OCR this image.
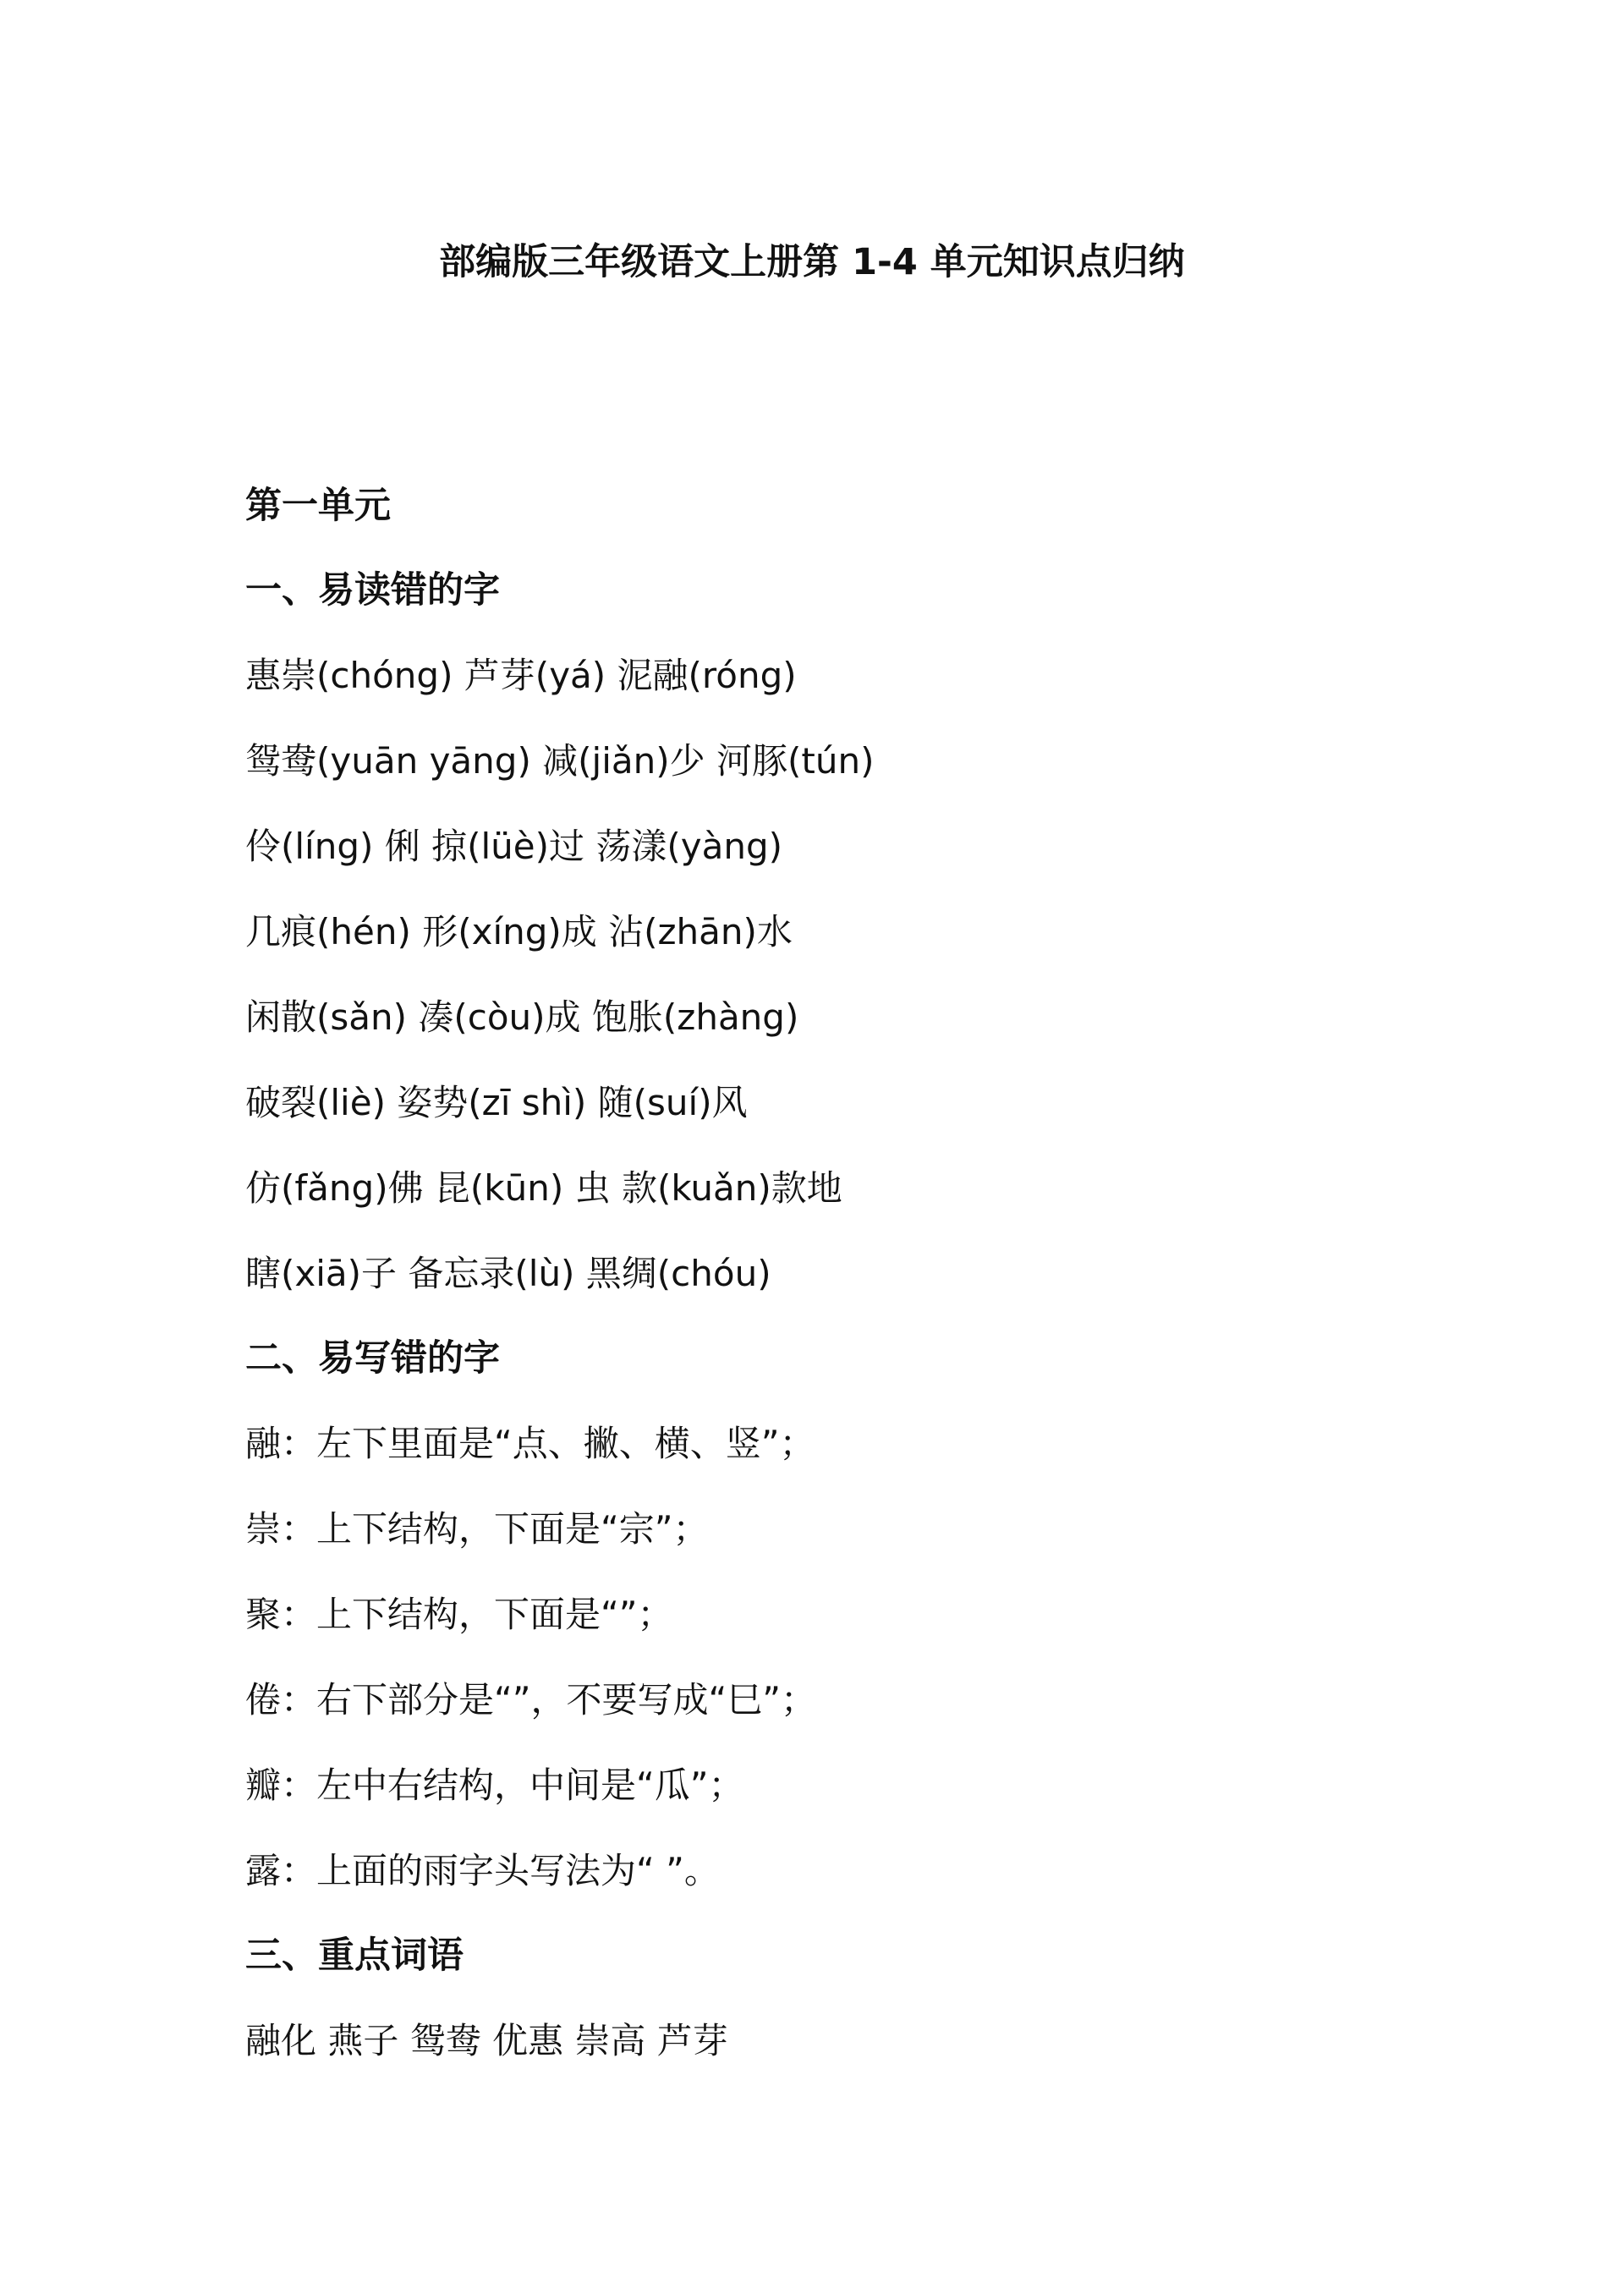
部编版三年级语文上册第 1-4 单元知识点归纳
第一单元
一、易读错的字
惠崇(chóng) 芦芽(yá) 泥融(róng)
鸳鸯(yuān yāng) 减(jiǎn)少 河豚(tún)
伶(líng) 俐 掠(lüè)过 荡漾(yàng)
几痕(hén) 形(xíng)成 沾(zhān)水
闲散(sǎn) 凑(còu)成 饱胀(zhàng)
破裂(liè) 姿势(zī shì) 随(suí)风
仿(fǎng)佛 昆(kūn) 虫 款(kuǎn)款地
瞎(xiā)子 备忘录(lù) 黑绸(chóu)
二、易写错的字
融：左下里面是“点、撇、横、竖”；
崇：上下结构，下面是“宗”；
聚：上下结构，下面是“”；
倦：右下部分是“”，不要写成“巳”；
瓣：左中右结构，中间是“瓜”；
露：上面的雨字头写法为“ ”。
三、重点词语
融化 燕子 鸳鸯 优惠 崇高 芦芽
